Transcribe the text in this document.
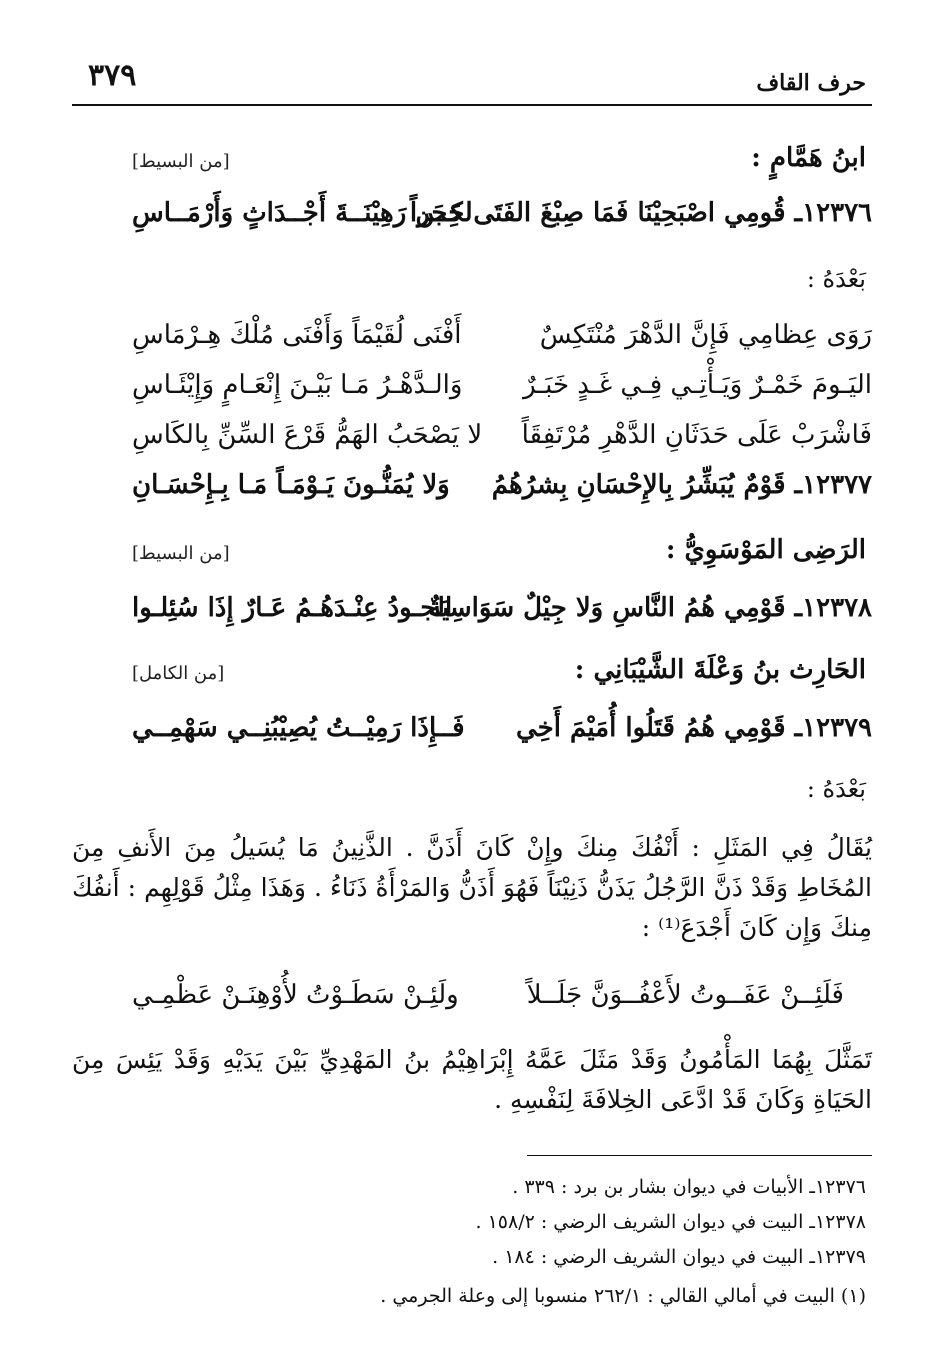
حرف القاف
٣٧٩
ابنُ هَمَّامٍ :
[من البسيط]
١٢٣٧٦ـ قُومِي اصْبَحِيْنَا فَمَا صِبْغَ الفَتَى حَجَراً
لكِــن رَهِيْنَــةَ أَجْــدَاثٍ وَأَرْمَــاسِ
بَعْدَهُ :
رَوَى عِظامِي فَإِنَّ الدَّهْرَ مُنْتَكِسٌ
أَفْنَى لُقَيْمَاً وَأَفْنَى مُلْكَ هِـرْمَاسِ
اليَـومَ خَمْـرٌ وَيَـأْتِـي فِـي غَـدٍ خَبَـرٌ
وَالـدَّهْـرُ مَـا بَيْـنَ إِنْعَـامٍ وَإِيْئَـاسِ
فَاشْرَبْ عَلَى حَدَثَانِ الدَّهْرِ مُرْتَفِقَاً
لا يَصْحَبُ الهَمُّ قَرْعَ السِّنِّ بِالكَاسِ
١٢٣٧٧ـ قَوْمٌ يُبَشِّرُ بِالإِحْسَانِ بِشرُهُمُ
وَلا يُمَنُّـونَ يَـوْمَـاً مَـا بِـإِحْسَـانِ
الرَضِى المَوْسَوِيُّ :
[من البسيط]
١٢٣٧٨ـ قَوْمِي هُمُ النَّاسِ وَلا جِيْلٌ سَوَاسِيَةٌ
الجـودُ عِنْـدَهُـمُ عَـارٌ إِذَا سُئِلـوا
الحَارِث بنُ وَعْلَةَ الشَّيْبَانِي :
[من الكامل]
١٢٣٧٩ـ قَوْمِي هُمُ قَتَلُوا أُمَيْمَ أَخِي
فَــإِذَا رَمِيْــتُ يُصِيْبُنِــي سَهْمِــي
بَعْدَهُ :
يُقَالُ فِي المَثَلِ : أَنْفُكَ مِنكَ وإِنْ كَانَ أَذَنَّ . الذَّنِينُ مَا يُسَيلُ مِنَ الأَنفِ مِنَ المُخَاطِ وَقَدْ ذَنَّ الرَّجُلُ يَذَنُّ ذَنِيْنَاً فَهُوَ أَذَنُّ وَالمَرْأَةُ ذَنَاءُ . وَهَذَا مِثْلُ قَوْلِهِم : أَنفُكَ مِنكَ وَإِن كَانَ أَجْدَعَ⁽¹⁾ :
فَلَئِــنْ عَفَــوتُ لأَعْفُــوَنَّ جَلَــلاً
ولَئِـنْ سَطَـوْتُ لأُوْهِنَـنْ عَظْمِـي
تَمَثَّلَ بِهُمَا المَأْمُونُ وَقَدْ مَثَلَ عَمَّهُ إِبْرَاهِيْمُ بنُ المَهْدِيِّ بَيْنَ يَدَيْهِ وَقَدْ يَئِسَ مِنَ الحَيَاةِ وَكَانَ قَدْ ادَّعَى الخِلافَةَ لِنَفْسِهِ .
١٢٣٧٦ـ الأبيات في ديوان بشار بن برد : ٣٣٩ .
١٢٣٧٨ـ البيت في ديوان الشريف الرضي : ١٥٨/٢ .
١٢٣٧٩ـ البيت في ديوان الشريف الرضي : ١٨٤ .
(١) البيت في أمالي القالي : ٢٦٢/١ منسوبا إلى وعلة الجرمي .
